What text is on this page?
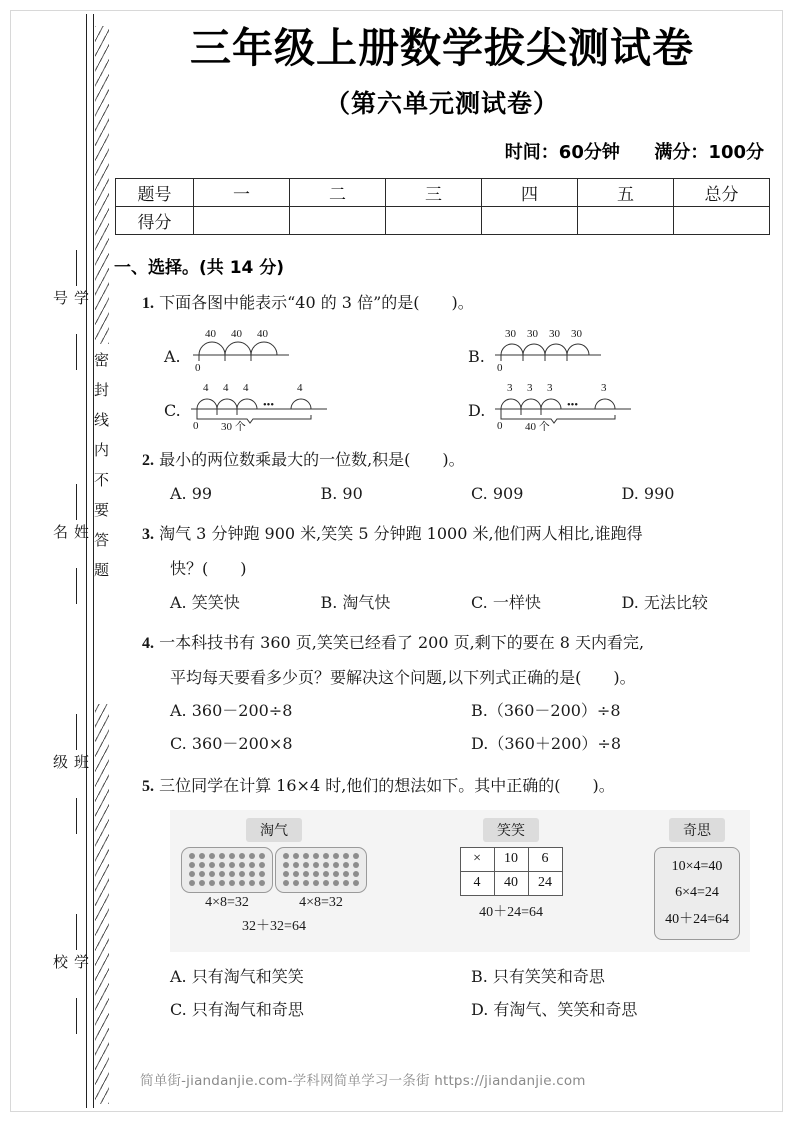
密封线内不要答题
学号
姓名
班级
学校
三年级上册数学拔尖测试卷
（第六单元测试卷）
时间：60分钟 满分：100分
题号	一	二	三	四	五	总分
得分						
一、选择。(共 14 分)
1. 下面各图中能表示“40 的 3 倍”的是(　　)。
A.
40 40 40
0
B.
30 30 30 30
0
C.
4 4 4	4
•••
0 30 个
D.
3 3 3	3
•••
0 40 个
2. 最小的两位数乘最大的一位数,积是(　　)。
A. 99	B. 90	C. 909	D. 990
3. 淘气 3 分钟跑 900 米,笑笑 5 分钟跑 1000 米,他们两人相比,谁跑得
快？(　　)
A. 笑笑快	B. 淘气快	C. 一样快	D. 无法比较
4. 一本科技书有 360 页,笑笑已经看了 200 页,剩下的要在 8 天内看完,
平均每天要看多少页？要解决这个问题,以下列式正确的是(　　)。
A. 360－200÷8	B.（360－200）÷8
C. 360－200×8	D.（360＋200）÷8
5. 三位同学在计算 16×4 时,他们的想法如下。其中正确的(　　)。
淘气
4×8=32	4×8=32
32＋32=64
笑笑
×	10	6
4	40	24
40＋24=64
奇思
10×4=40
6×4=24
40＋24=64
A. 只有淘气和笑笑	B. 只有笑笑和奇思
C. 只有淘气和奇思	D. 有淘气、笑笑和奇思
简单街-jiandanjie.com-学科网简单学习一条街 https://jiandanjie.com
